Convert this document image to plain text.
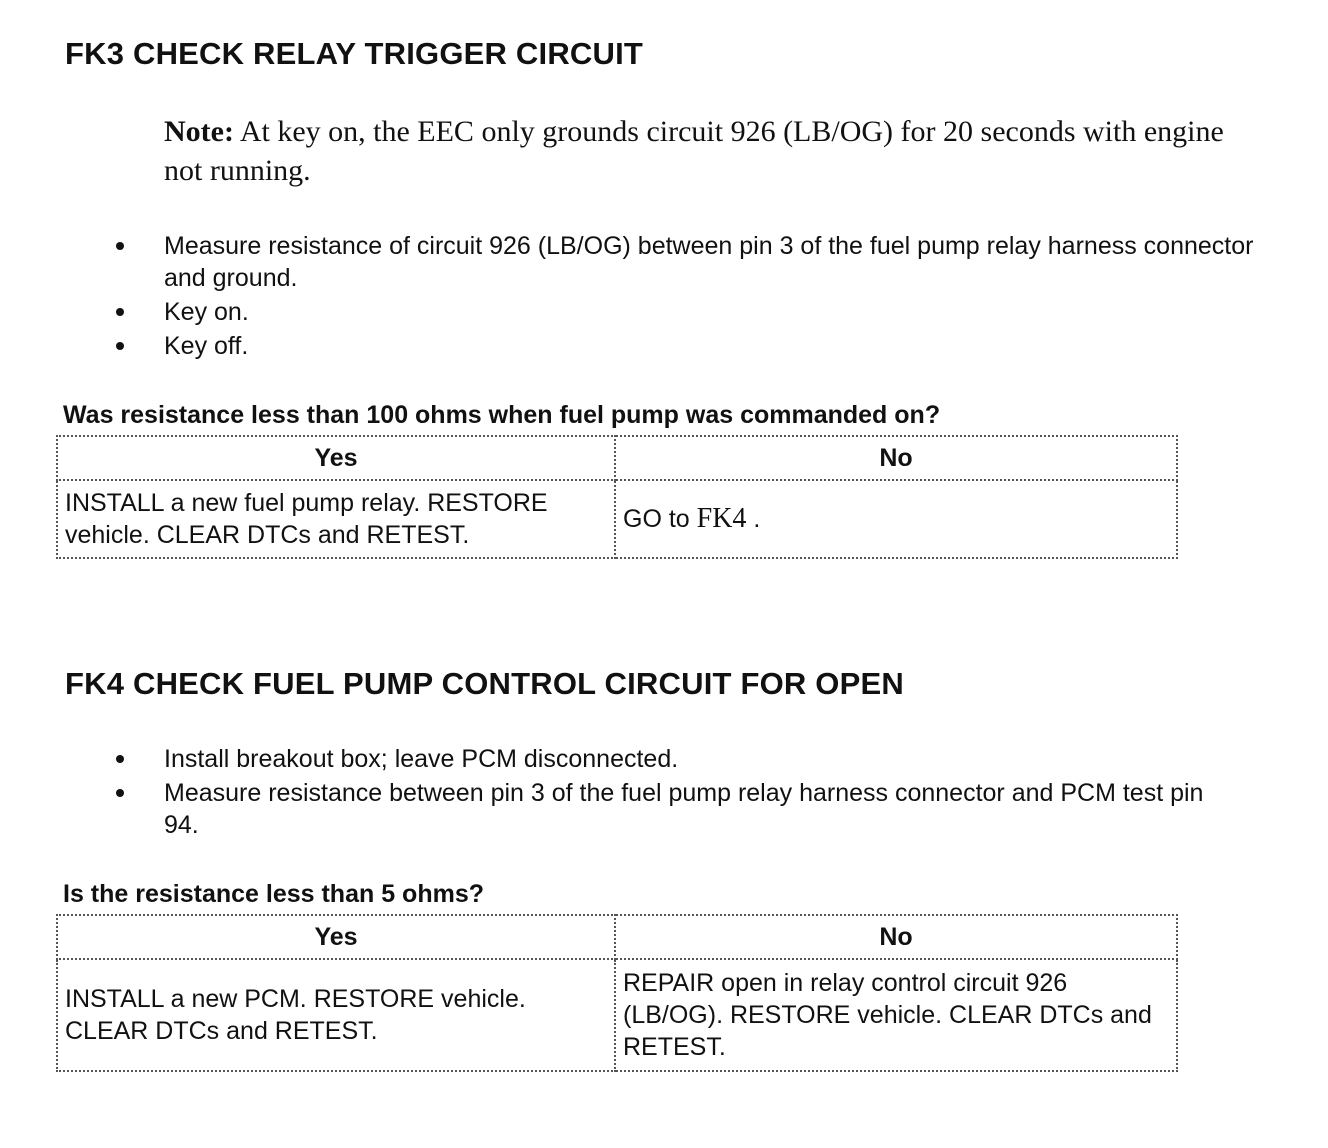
FK3 CHECK RELAY TRIGGER CIRCUIT

Note: At key on, the EEC only grounds circuit 926 (LB/OG) for 20 seconds with engine not running.

Measure resistance of circuit 926 (LB/OG) between pin 3 of the fuel pump relay harness connector and ground.
Key on.
Key off.

Was resistance less than 100 ohms when fuel pump was commanded on?

Yes	No
INSTALL a new fuel pump relay. RESTORE vehicle. CLEAR DTCs and RETEST.	GO to FK4 .
FK4 CHECK FUEL PUMP CONTROL CIRCUIT FOR OPEN
Install breakout box; leave PCM disconnected.
Measure resistance between pin 3 of the fuel pump relay harness connector and PCM test pin 94.

Is the resistance less than 5 ohms?

Yes	No
INSTALL a new PCM. RESTORE vehicle. CLEAR DTCs and RETEST.	REPAIR open in relay control circuit 926 (LB/OG). RESTORE vehicle. CLEAR DTCs and RETEST.
